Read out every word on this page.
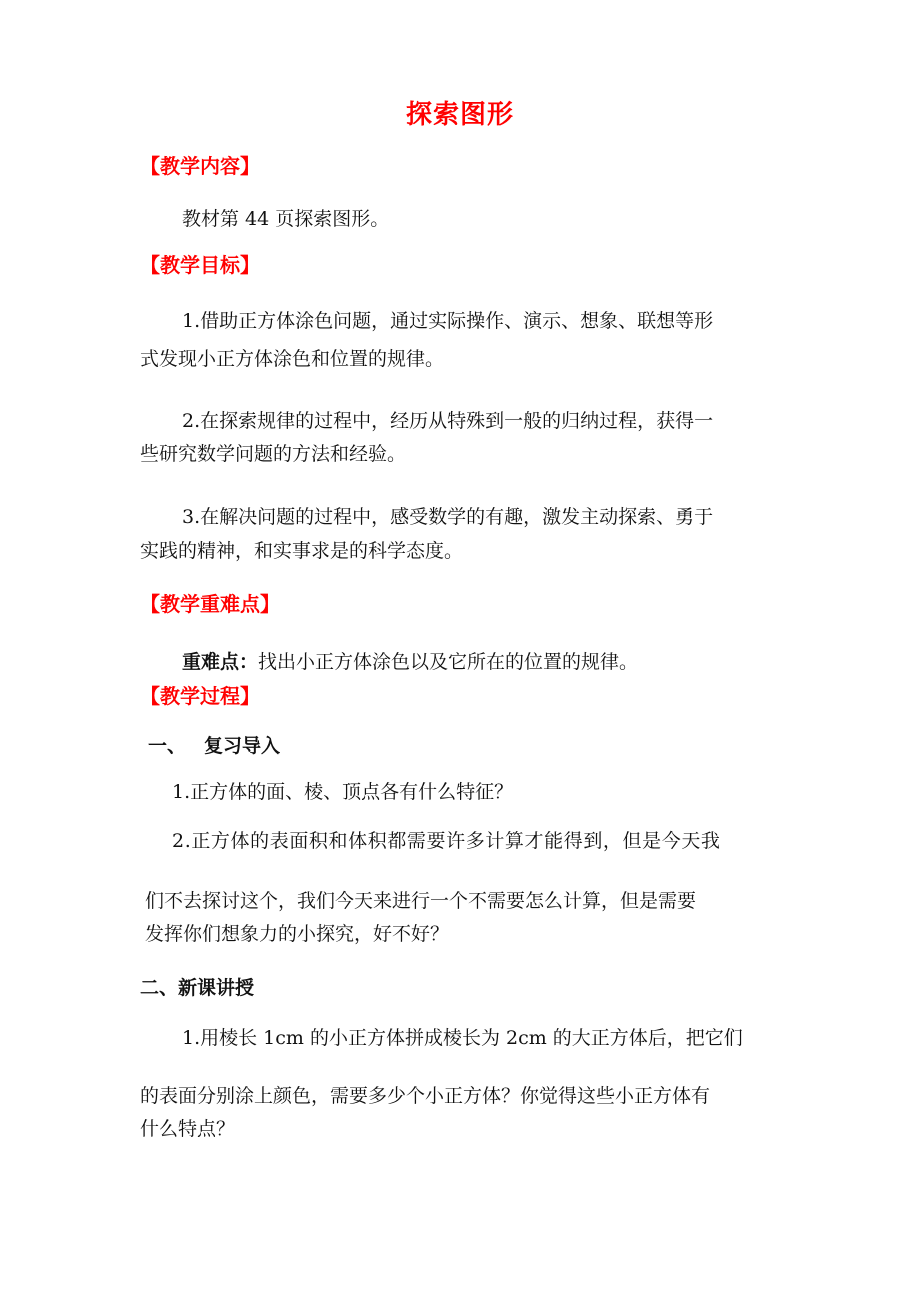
探索图形
【教学内容】
教材第 44 页探索图形。
【教学目标】
1.借助正方体涂色问题，通过实际操作、演示、想象、联想等形
式发现小正方体涂色和位置的规律。
2.在探索规律的过程中，经历从特殊到一般的归纳过程，获得一
些研究数学问题的方法和经验。
3.在解决问题的过程中，感受数学的有趣，激发主动探索、勇于
实践的精神，和实事求是的科学态度。
【教学重难点】
重难点：找出小正方体涂色以及它所在的位置的规律。
【教学过程】
一、 复习导入
1.正方体的面、棱、顶点各有什么特征？
2.正方体的表面积和体积都需要许多计算才能得到，但是今天我
们不去探讨这个，我们今天来进行一个不需要怎么计算，但是需要
发挥你们想象力的小探究，好不好？
二、新课讲授
1.用棱长 1cm 的小正方体拼成棱长为 2cm 的大正方体后，把它们
的表面分别涂上颜色，需要多少个小正方体？你觉得这些小正方体有
什么特点？
